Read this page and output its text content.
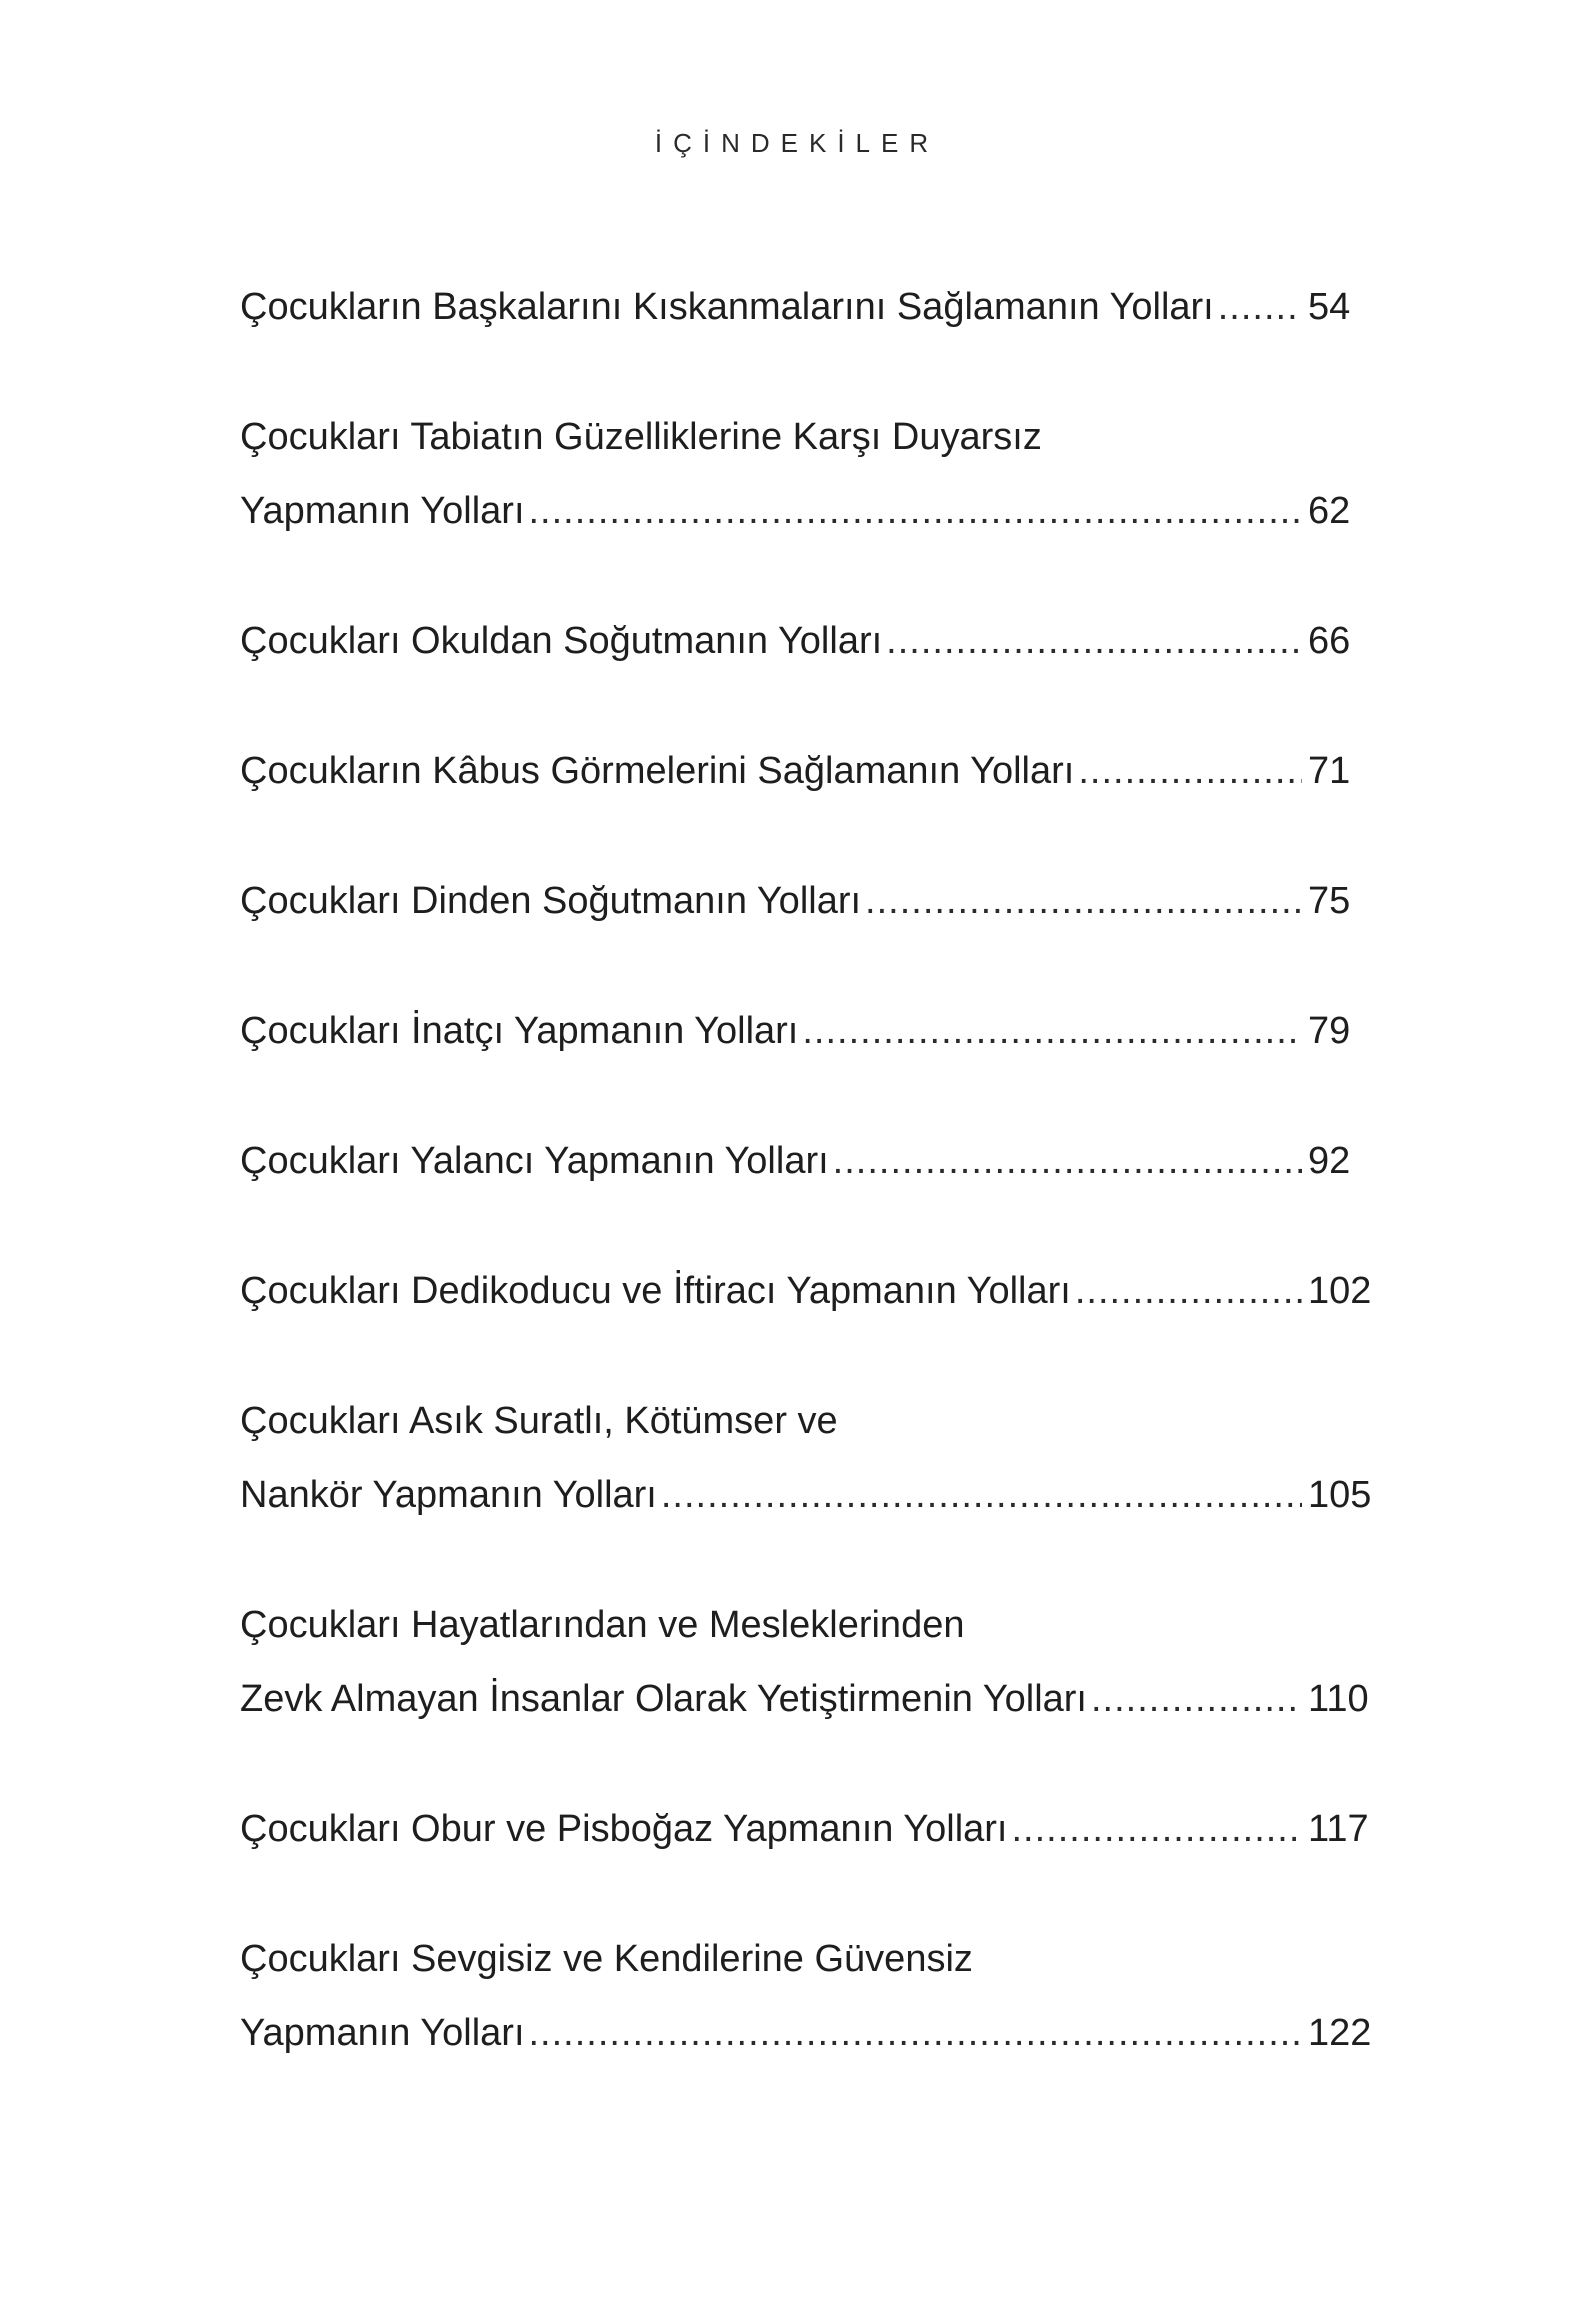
İÇİNDEKİLER
Çocukların Başkalarını Kıskanmalarını Sağlamanın Yolları ..... 54
Çocukları Tabiatın Güzelliklerine Karşı Duyarsız
Yapmanın Yolları .....	62
Çocukları Okuldan Soğutmanın Yolları .....	66
Çocukların Kâbus Görmelerini Sağlamanın Yolları .....	71
Çocukları Dinden Soğutmanın Yolları .....	75
Çocukları İnatçı Yapmanın Yolları .....	79
Çocukları Yalancı Yapmanın Yolları .....	92
Çocukları Dedikoducu ve İftiracı Yapmanın Yolları .....	102
Çocukları Asık Suratlı, Kötümser ve
Nankör Yapmanın Yolları .....	105
Çocukları Hayatlarından ve Mesleklerinden
Zevk Almayan İnsanlar Olarak Yetiştirmenin Yolları .....	110
Çocukları Obur ve Pisboğaz Yapmanın Yolları .....	117
Çocukları Sevgisiz ve Kendilerine Güvensiz
Yapmanın Yolları .....	122
